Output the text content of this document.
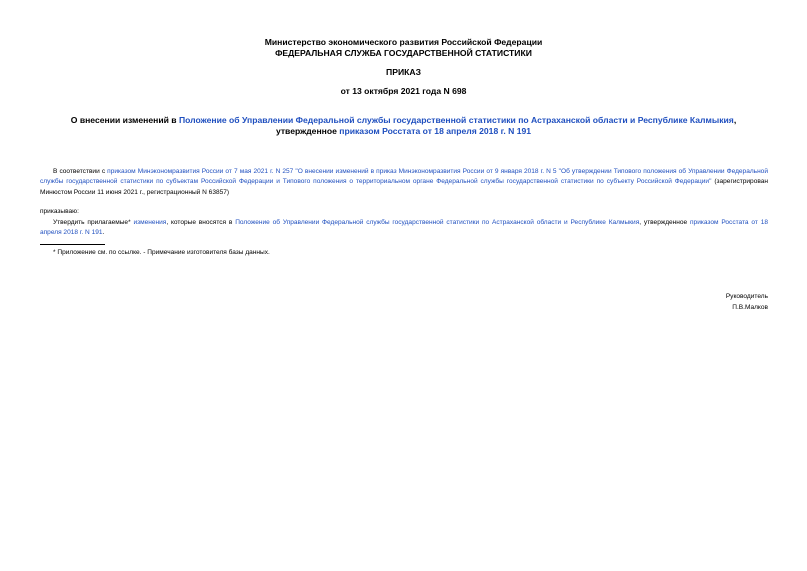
Министерство экономического развития Российской Федерации
ФЕДЕРАЛЬНАЯ СЛУЖБА ГОСУДАРСТВЕННОЙ СТАТИСТИКИ
ПРИКАЗ
от 13 октября 2021 года N 698
О внесении изменений в Положение об Управлении Федеральной службы государственной статистики по Астраханской области и Республике Калмыкия, утвержденное приказом Росстата от 18 апреля 2018 г. N 191
В соответствии с приказом Минэкономразвития России от 7 мая 2021 г. N 257 "О внесении изменений в приказ Минэкономразвития России от 9 января 2018 г. N 5 "Об утверждении Типового положения об Управлении Федеральной службы государственной статистики по субъектам Российской Федерации и Типового положения о территориальном органе Федеральной службы государственной статистики по субъекту Российской Федерации" (зарегистрирован Минюстом России 11 июня 2021 г., регистрационный N 63857)
приказываю:
Утвердить прилагаемые* изменения, которые вносятся в Положение об Управлении Федеральной службы государственной статистики по Астраханской области и Республике Калмыкия, утвержденное приказом Росстата от 18 апреля 2018 г. N 191.
* Приложение см. по ссылке. - Примечание изготовителя базы данных.
Руководитель
П.В.Малков
